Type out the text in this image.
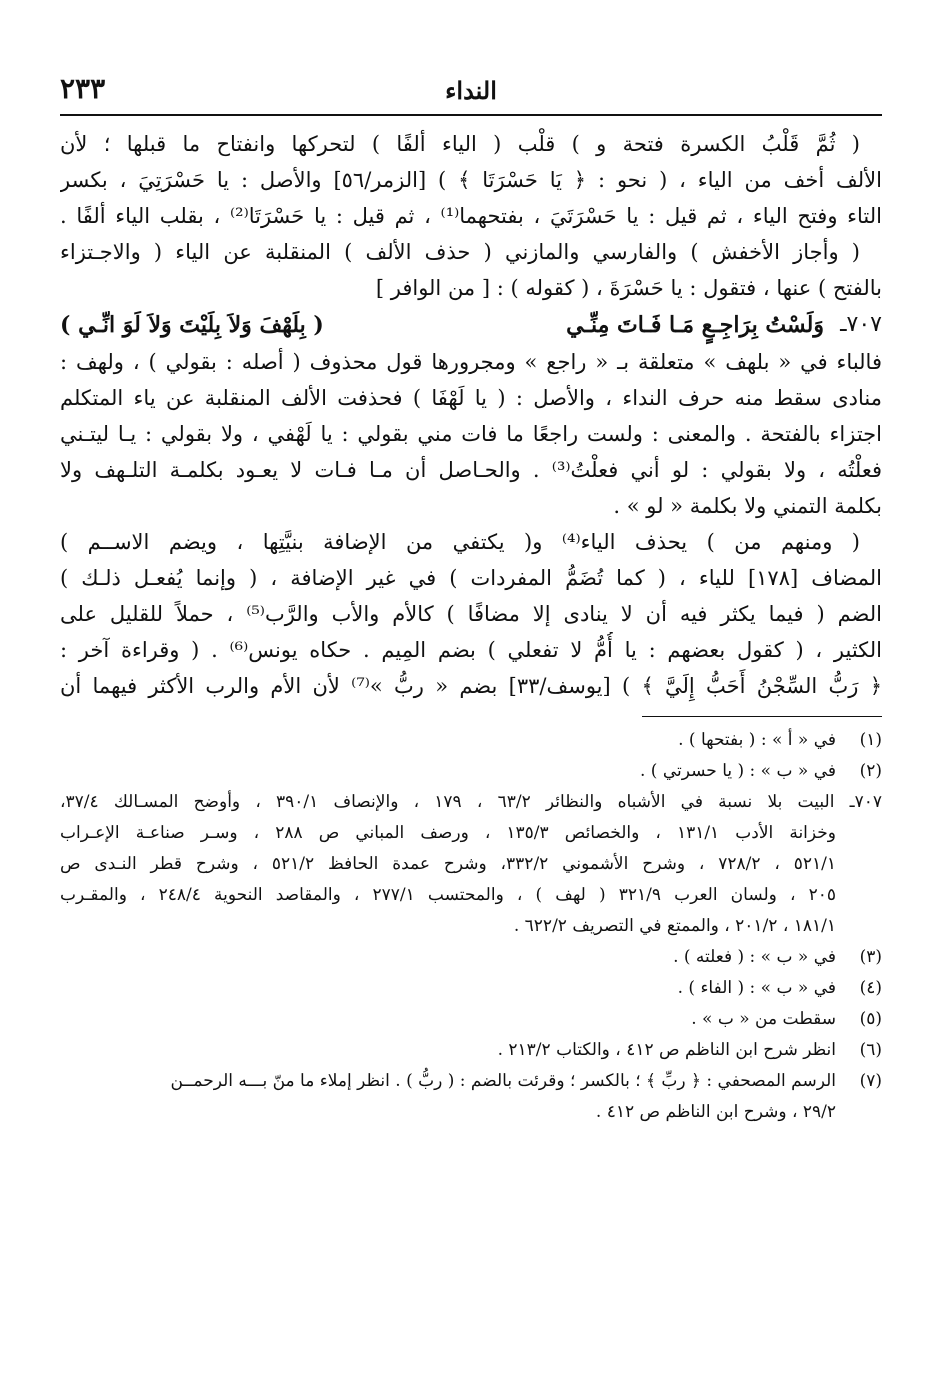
٢٣٣	النداء
( ثُمَّ قَلْبُ الكسرة فتحة و ) قلْب ( الياء ألفًا ) لتحركها وانفتاح ما قبلها ؛ لأن
الألف أخف من الياء ، ( نحو : ﴿ يَا حَسْرَتَا ﴾ ) [الزمر/٥٦] والأصل : يا حَسْرَتِيَ ، بكسر
التاء وفتح الياء ، ثم قيل : يا حَسْرَتَيَ ، بفتحهما⁽¹⁾ ، ثم قيل : يا حَسْرَتَا⁽²⁾ ، بقلب الياء ألفًا .
( وأجاز الأخفش ) والفارسي والمازني ( حذف الألف ) المنقلبة عن الياء ( والاجـتزاء
بالفتح ) عنها ، فتقول : يا حَسْرَةَ ، ( كقوله ) : [ من الوافر ]
٧٠٧ـ
وَلَسْتُ بِرَاجِـعٍ مَـا فَـاتَ مِنِّـي
( بِلَهْفَ وَلاَ بِلَيْتَ وَلاَ لَوَ انِّـي )
فالباء في « بلهف » متعلقة بـ « راجع » ومجرورها قول محذوف ( أصله : بقولي ) ، ولهف :
منادى سقط منه حرف النداء ، والأصل : ( يا لَهْفَا ) فحذفت الألف المنقلبة عن ياء المتكلم
اجتزاء بالفتحة . والمعنى : ولست راجعًا ما فات مني بقولي : يا لَهْفي ، ولا بقولي : يـا ليتـني
فعلْتُه ، ولا بقولي : لو أني فعلْتُ⁽³⁾ . والحـاصل أن مـا فـات لا يعـود بكلمـة التلـهف ولا
بكلمة التمني ولا بكلمة « لو » .
( ومنهم من ) يحذف الياء⁽⁴⁾ و( يكتفي من الإضافة بنيَّتِها ، ويضم الاســم )
المضاف [١٧٨] للياء ، ( كما تُضَمُّ المفردات ) في غير الإضافة ، ( وإنما يُفعـل ذلـك )
الضم ( فيما يكثر فيه أن لا ينادى إلا مضافًا ) كالأم والأب والرَّب⁽⁵⁾ ، حملاً للقليل على
الكثير ، ( كقول بعضهم : يا أُمُّ لا تفعلي ) بضم المِيم . حكاه يونس⁽⁶⁾ . ( وقراءة آخر :
﴿ رَبُّ السِّجْنُ أَحَبُّ إِلَيَّ ﴾ ) [يوسف/٣٣] بضم « ربُّ »⁽⁷⁾ لأن الأم والرب الأكثر فيهما أن
(١)في « أ » : ( بفتحها ) .
(٢)في « ب » : ( يا حسرتي ) .
٧٠٧ـ البيت بلا نسبة في الأشباه والنظائر ٦٣/٢ ، ١٧٩ ، والإنصاف ٣٩٠/١ ، وأوضح المسـالك ٣٧/٤،
وخزانة الأدب ١٣١/١ ، والخصائص ١٣٥/٣ ، ورصف المباني ص ٢٨٨ ، وسـر صناعـة الإعـراب
٥٢١/١ ، ٧٢٨/٢ ، وشرح الأشموني ٣٣٢/٢، وشرح عمدة الحافظ ٥٢١/٢ ، وشرح قطر النـدى ص
٢٠٥ ، ولسان العرب ٣٢١/٩ ( لهف ) ، والمحتسب ٢٧٧/١ ، والمقاصد النحوية ٢٤٨/٤ ، والمقـرب
١٨١/١ ، ٢٠١/٢ ، والممتع في التصريف ٦٢٢/٢ .
(٣)في « ب » : ( فعلته ) .
(٤)في « ب » : ( الفاء ) .
(٥)سقطت من « ب » .
(٦)انظر شرح ابن الناظم ص ٤١٢ ، والكتاب ٢١٣/٢ .
(٧)الرسم المصحفي : ﴿ ربِّ ﴾ ؛ بالكسر ؛ وقرئت بالضم : ( ربُّ ) . انظر إملاء ما منّ بـــه الرحمــن
٢٩/٢ ، وشرح ابن الناظم ص ٤١٢ .
